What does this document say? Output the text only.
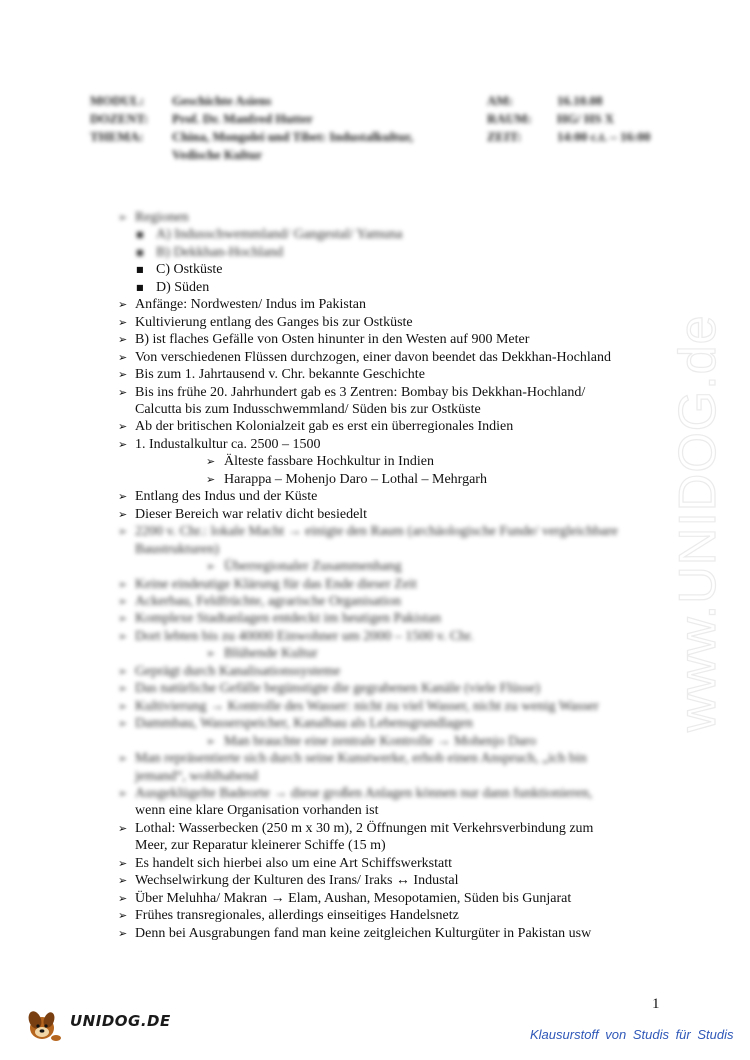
MODUL:	Geschichte Asiens	AM:	16.10.08
DOZENT:	Prof. Dr. Manfred Hutter	RAUM:	HG/ HS X
THEMA:	China, Mongolei und Tibet: Industalkultur,	ZEIT:	14:00 c.t. – 16:00
Vedische Kultur
➢ Regionen
■ A) Indusschwemmland/ Gangestal/ Yamuna
■ B) Dekkhan-Hochland
■ C) Ostküste
■ D) Süden
➢ Anfänge: Nordwesten/ Indus im Pakistan
➢ Kultivierung entlang des Ganges bis zur Ostküste
➢ B) ist flaches Gefälle von Osten hinunter in den Westen auf 900 Meter
➢ Von verschiedenen Flüssen durchzogen, einer davon beendet das Dekkhan-Hochland
➢ Bis zum 1. Jahrtausend v. Chr. bekannte Geschichte
➢ Bis ins frühe 20. Jahrhundert gab es 3 Zentren: Bombay bis Dekkhan-Hochland/
Calcutta bis zum Indusschwemmland/ Süden bis zur Ostküste
➢ Ab der britischen Kolonialzeit gab es erst ein überregionales Indien
➢ 1. Industalkultur ca. 2500 – 1500
➢ Älteste fassbare Hochkultur in Indien
➢ Harappa – Mohenjo Daro – Lothal – Mehrgarh
➢ Entlang des Indus und der Küste
➢ Dieser Bereich war relativ dicht besiedelt
➢ 2200 v. Chr.: lokale Macht → einigte den Raum (archäologische Funde/ vergleichbare
Baustrukturen)
➢ Überregionaler Zusammenhang
➢ Keine eindeutige Klärung für das Ende dieser Zeit
➢ Ackerbau, Feldfrüchte, agrarische Organisation
➢ Komplexe Stadtanlagen entdeckt im heutigen Pakistan
➢ Dort lebten bis zu 40000 Einwohner um 2000 – 1500 v. Chr.
➢ Blühende Kultur
➢ Geprägt durch Kanalisationssysteme
➢ Das natürliche Gefälle begünstigte die gegrabenen Kanäle (viele Flüsse)
➢ Kultivierung → Kontrolle des Wasser: nicht zu viel Wasser, nicht zu wenig Wasser
➢ Dammbau, Wasserspeicher, Kanalbau als Lebensgrundlagen
➢ Man brauchte eine zentrale Kontrolle → Mohenjo Daro
➢ Man repräsentierte sich durch seine Kunstwerke, erhob einen Anspruch, „ich bin
jemand“, wohlhabend
➢ Ausgeklügelte Badeorte → diese großen Anlagen können nur dann funktionieren,
wenn eine klare Organisation vorhanden ist
➢ Lothal: Wasserbecken (250 m x 30 m), 2 Öffnungen mit Verkehrsverbindung zum
Meer, zur Reparatur kleinerer Schiffe (15 m)
➢ Es handelt sich hierbei also um eine Art Schiffswerkstatt
➢ Wechselwirkung der Kulturen des Irans/ Iraks ↔ Industal
➢ Über Meluhha/ Makran → Elam, Aushan, Mesopotamien, Süden bis Gunjarat
➢ Frühes transregionales, allerdings einseitiges Handelsnetz
➢ Denn bei Ausgrabungen fand man keine zeitgleichen Kulturgüter in Pakistan usw
www.UNIDOG.de
1
UNIDOG.DE
Klausurstoff von Studis für Studis
